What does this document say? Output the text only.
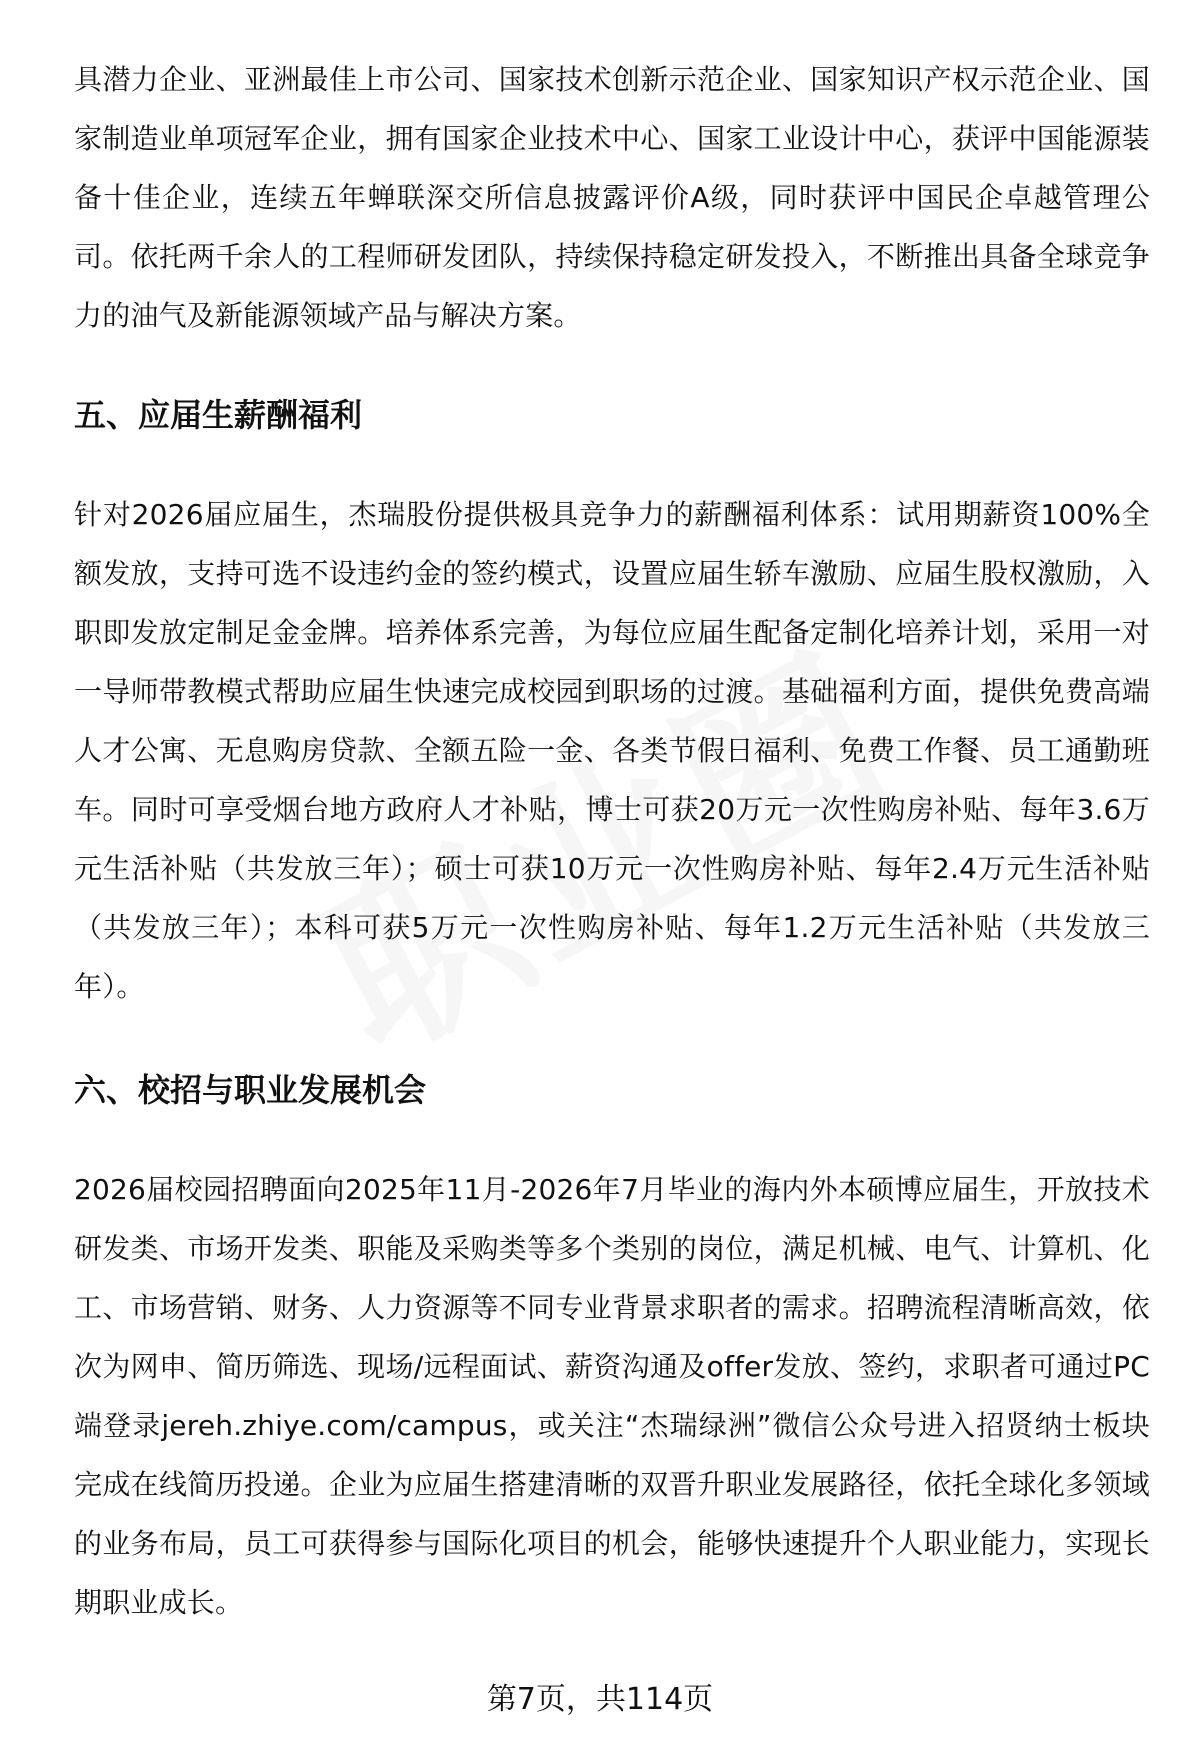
具潜力企业、亚洲最佳上市公司、国家技术创新示范企业、国家知识产权示范企业、国家制造业单项冠军企业，拥有国家企业技术中心、国家工业设计中心，获评中国能源装备十佳企业，连续五年蝉联深交所信息披露评价A级，同时获评中国民企卓越管理公司。依托两千余人的工程师研发团队，持续保持稳定研发投入，不断推出具备全球竞争力的油气及新能源领域产品与解决方案。

五、应届生薪酬福利

针对2026届应届生，杰瑞股份提供极具竞争力的薪酬福利体系：试用期薪资100%全额发放，支持可选不设违约金的签约模式，设置应届生轿车激励、应届生股权激励，入职即发放定制足金金牌。培养体系完善，为每位应届生配备定制化培养计划，采用一对一导师带教模式帮助应届生快速完成校园到职场的过渡。基础福利方面，提供免费高端人才公寓、无息购房贷款、全额五险一金、各类节假日福利、免费工作餐、员工通勤班车。同时可享受烟台地方政府人才补贴，博士可获20万元一次性购房补贴、每年3.6万元生活补贴（共发放三年）；硕士可获10万元一次性购房补贴、每年2.4万元生活补贴（共发放三年）；本科可获5万元一次性购房补贴、每年1.2万元生活补贴（共发放三年）。

六、校招与职业发展机会

2026届校园招聘面向2025年11月-2026年7月毕业的海内外本硕博应届生，开放技术研发类、市场开发类、职能及采购类等多个类别的岗位，满足机械、电气、计算机、化工、市场营销、财务、人力资源等不同专业背景求职者的需求。招聘流程清晰高效，依次为网申、简历筛选、现场/远程面试、薪资沟通及offer发放、签约，求职者可通过PC端登录jereh.zhiye.com/campus，或关注“杰瑞绿洲”微信公众号进入招贤纳士板块完成在线简历投递。企业为应届生搭建清晰的双晋升职业发展路径，依托全球化多领域的业务布局，员工可获得参与国际化项目的机会，能够快速提升个人职业能力，实现长期职业成长。

第7页，共114页
